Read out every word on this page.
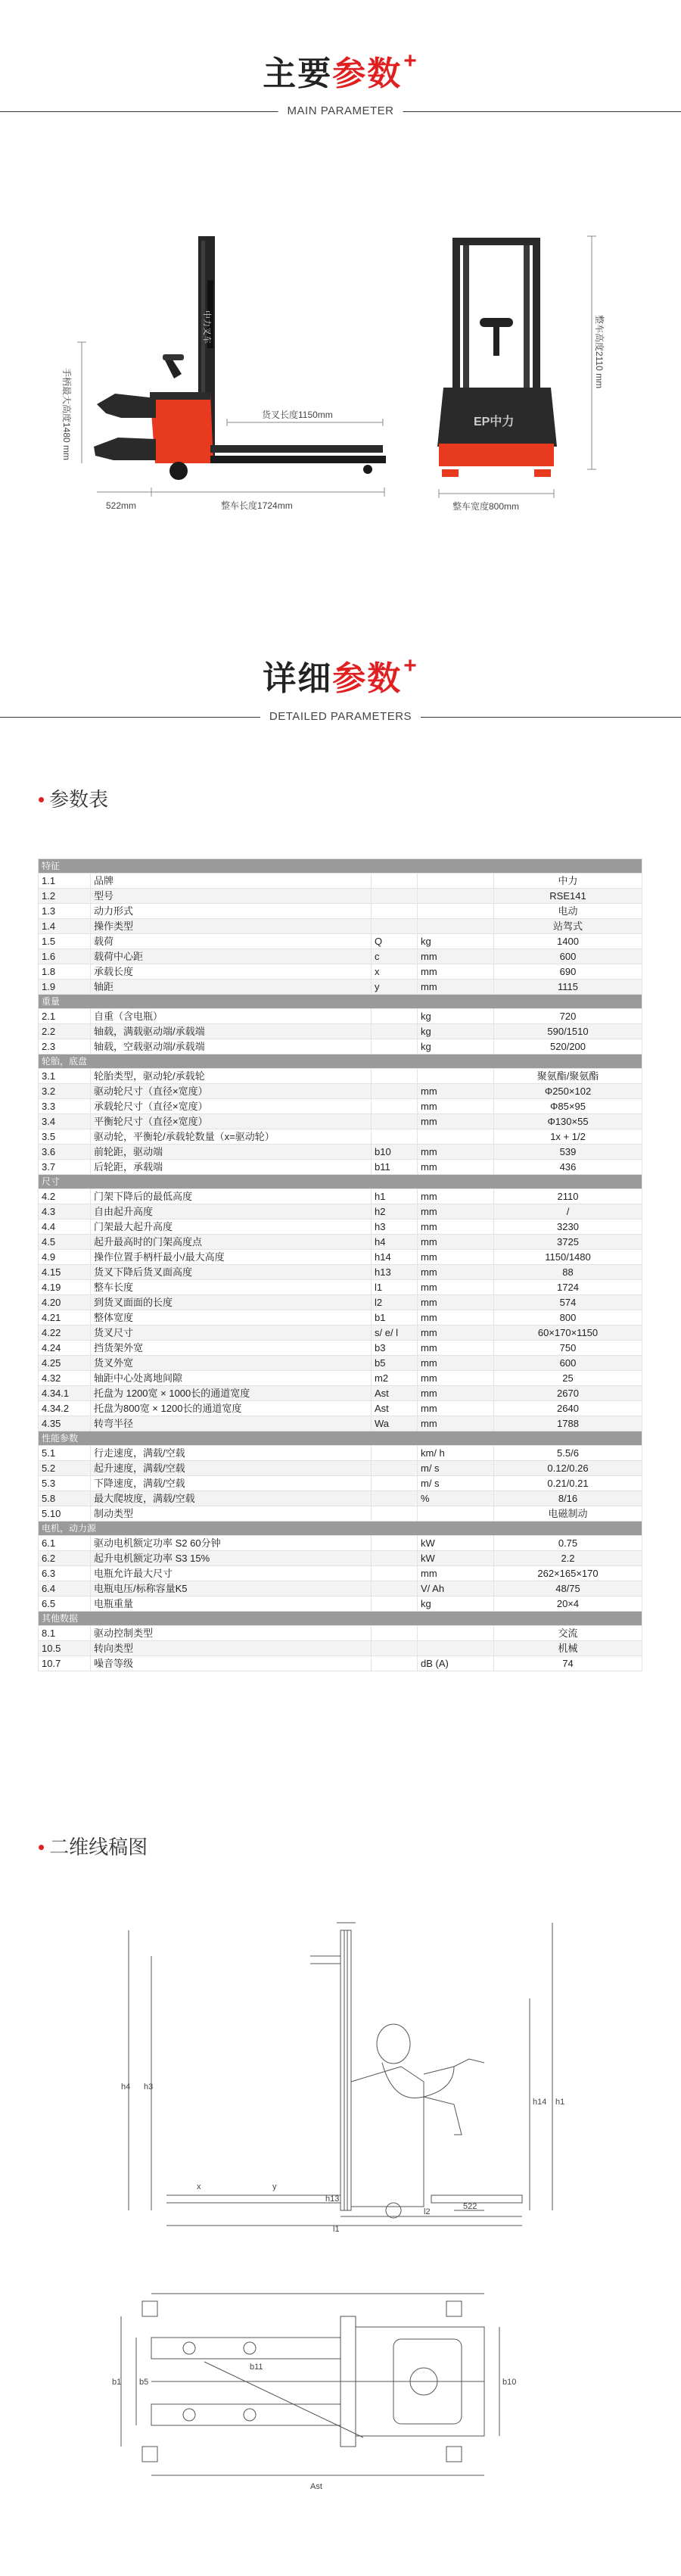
主要参数+
MAIN PARAMETER
中力叉车
货叉长度1150mm
522mm	整车长度1724mm
手柄最大高度1480 mm	EP中力
整车宽度800mm
整车高度2110 mm
详细参数+
DETAILED PARAMETERS
• 参数表
特征				
1.1	品牌			中力
1.2	型号			RSE141
1.3	动力形式			电动
1.4	操作类型			站驾式
1.5	载荷	Q	kg	1400
1.6	载荷中心距	c	mm	600
1.8	承载长度	x	mm	690
1.9	轴距	y	mm	1115
重量				
2.1	自重（含电瓶）		kg	720
2.2	轴载，满载驱动端/承载端		kg	590/1510
2.3	轴载，空载驱动端/承载端		kg	520/200
轮胎，底盘				
3.1	轮胎类型，驱动轮/承载轮			聚氨酯/聚氨酯
3.2	驱动轮尺寸（直径×宽度）		mm	Φ250×102
3.3	承载轮尺寸（直径×宽度）		mm	Φ85×95
3.4	平衡轮尺寸（直径×宽度）		mm	Φ130×55
3.5	驱动轮，平衡轮/承载轮数量（x=驱动轮）			1x + 1/2
3.6	前轮距，驱动端	b10	mm	539
3.7	后轮距，承载端	b11	mm	436
尺寸				
4.2	门架下降后的最低高度	h1	mm	2110
4.3	自由起升高度	h2	mm	/
4.4	门架最大起升高度	h3	mm	3230
4.5	起升最高时的门架高度点	h4	mm	3725
4.9	操作位置手柄杆最小/最大高度	h14	mm	1150/1480
4.15	货叉下降后货叉面高度	h13	mm	88
4.19	整车长度	l1	mm	1724
4.20	到货叉面面的长度	l2	mm	574
4.21	整体宽度	b1	mm	800
4.22	货叉尺寸	s/ e/ l	mm	60×170×1150
4.24	挡货架外宽	b3	mm	750
4.25	货叉外宽	b5	mm	600
4.32	轴距中心处离地间隙	m2	mm	25
4.34.1	托盘为 1200宽 × 1000长的通道宽度	Ast	mm	2670
4.34.2	托盘为800宽 × 1200长的通道宽度	Ast	mm	2640
4.35	转弯半径	Wa	mm	1788
性能参数				
5.1	行走速度，满载/空载		km/ h	5.5/6
5.2	起升速度，满载/空载		m/ s	0.12/0.26
5.3	下降速度，满载/空载		m/ s	0.21/0.21
5.8	最大爬坡度，满载/空载		%	8/16
5.10	制动类型			电磁制动
电机，动力源				
6.1	驱动电机额定功率 S2 60分钟		kW	0.75
6.2	起升电机额定功率 S3 15%		kW	2.2
6.3	电瓶允许最大尺寸		mm	262×165×170
6.4	电瓶电压/标称容量K5		V/ Ah	48/75
6.5	电瓶重量		kg	20×4
其他数据				
8.1	驱动控制类型			交流
10.5	转向类型			机械
10.7	噪音等级		dB (A)	74
• 二维线稿图
h4 h3
h14 h1
l1
l2
522
x	y
h13
b1 b5	b10
b11
Ast
